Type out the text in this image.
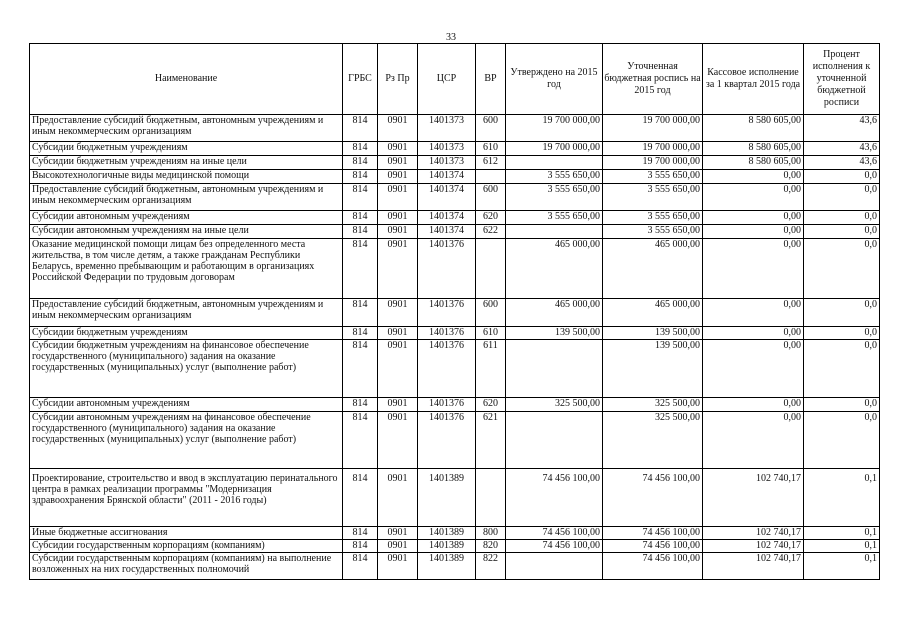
33
Наименование	ГРБС	Рз Пр	ЦСР	ВР	Утверждено на 2015 год	Уточненная бюджетная роспись на 2015 год	Кассовое исполнение за 1 квартал 2015 года	Процент исполнения к уточненной бюджетной росписи
Предоставление субсидий бюджетным, автономным учреждениям и иным некоммерческим организациям	814	0901	1401373	600	19 700 000,00	19 700 000,00	8 580 605,00	43,6
Субсидии бюджетным учреждениям	814	0901	1401373	610	19 700 000,00	19 700 000,00	8 580 605,00	43,6
Субсидии бюджетным учреждениям на иные цели	814	0901	1401373	612		19 700 000,00	8 580 605,00	43,6
Высокотехнологичные виды медицинской помощи	814	0901	1401374		3 555 650,00	3 555 650,00	0,00	0,0
Предоставление субсидий бюджетным, автономным учреждениям и иным некоммерческим организациям	814	0901	1401374	600	3 555 650,00	3 555 650,00	0,00	0,0
Субсидии автономным учреждениям	814	0901	1401374	620	3 555 650,00	3 555 650,00	0,00	0,0
Субсидии автономным учреждениям на иные цели	814	0901	1401374	622		3 555 650,00	0,00	0,0
Оказание медицинской помощи лицам без определенного места жительства, в том числе детям, а также гражданам Республики Беларусь, временно пребывающим и работающим в организациях Российской Федерации по трудовым договорам	814	0901	1401376		465 000,00	465 000,00	0,00	0,0
Предоставление субсидий бюджетным, автономным учреждениям и иным некоммерческим организациям	814	0901	1401376	600	465 000,00	465 000,00	0,00	0,0
Субсидии бюджетным учреждениям	814	0901	1401376	610	139 500,00	139 500,00	0,00	0,0
Субсидии бюджетным учреждениям на финансовое обеспечение государственного (муниципального) задания на оказание государственных (муниципальных) услуг (выполнение работ)	814	0901	1401376	611		139 500,00	0,00	0,0
Субсидии автономным учреждениям	814	0901	1401376	620	325 500,00	325 500,00	0,00	0,0
Субсидии автономным учреждениям на финансовое обеспечение государственного (муниципального) задания на оказание государственных (муниципальных) услуг (выполнение работ)	814	0901	1401376	621		325 500,00	0,00	0,0
Проектирование, строительство и ввод в эксплуатацию перинатального центра в рамках реализации программы "Модернизация здравоохранения Брянской области" (2011 - 2016 годы)	814	0901	1401389		74 456 100,00	74 456 100,00	102 740,17	0,1
Иные бюджетные ассигнования	814	0901	1401389	800	74 456 100,00	74 456 100,00	102 740,17	0,1
Субсидии государственным корпорациям (компаниям)	814	0901	1401389	820	74 456 100,00	74 456 100,00	102 740,17	0,1
Субсидии государственным корпорациям (компаниям) на выполнение возложенных на них государственных полномочий	814	0901	1401389	822		74 456 100,00	102 740,17	0,1
